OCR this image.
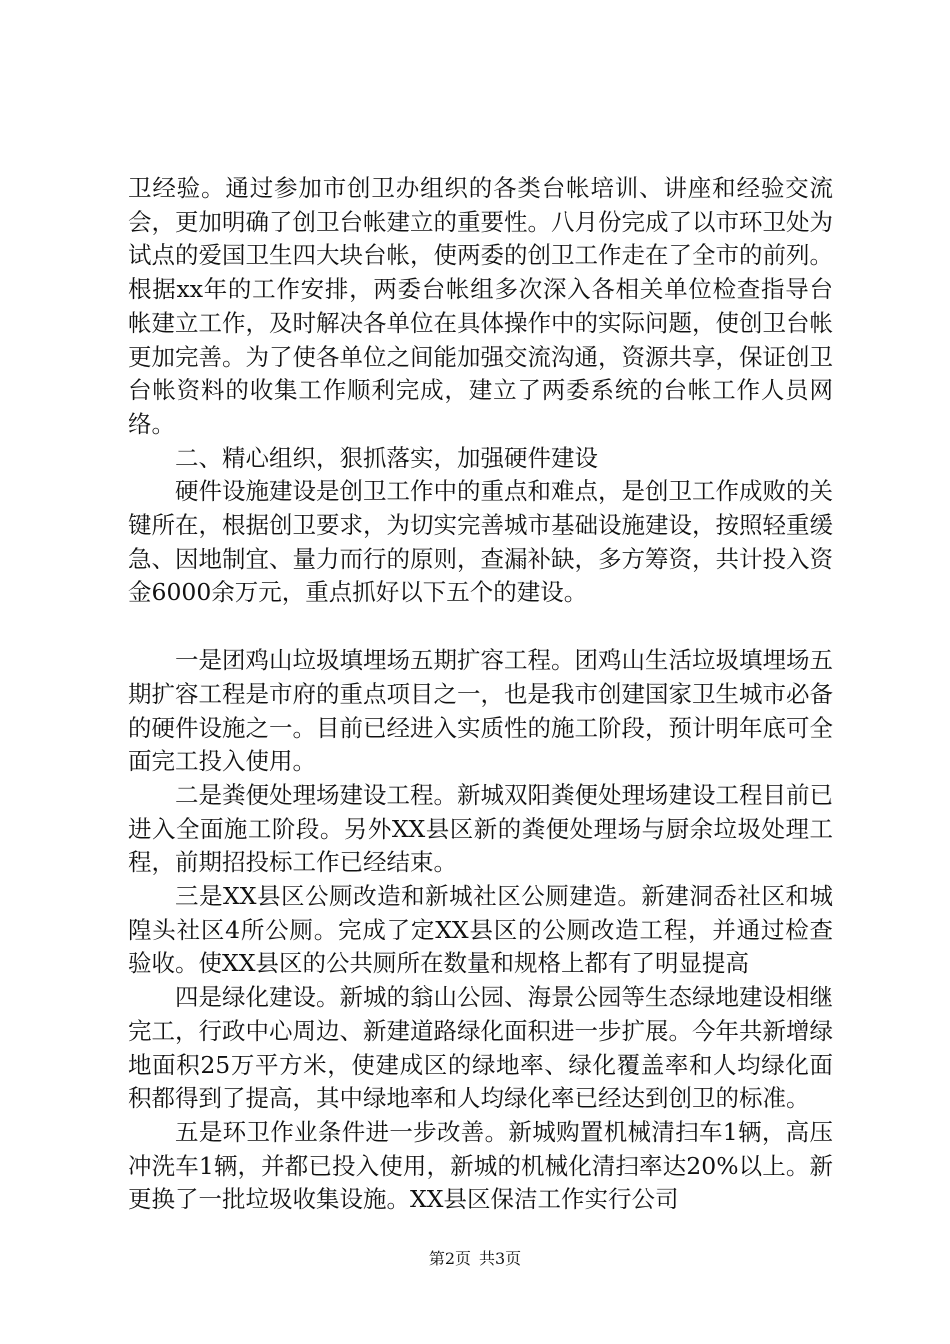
卫经验。通过参加市创卫办组织的各类台帐培训、讲座和经验交流会，更加明确了创卫台帐建立的重要性。八月份完成了以市环卫处为试点的爱国卫生四大块台帐，使两委的创卫工作走在了全市的前列。根据xx年的工作安排，两委台帐组多次深入各相关单位检查指导台帐建立工作，及时解决各单位在具体操作中的实际问题，使创卫台帐更加完善。为了使各单位之间能加强交流沟通，资源共享，保证创卫台帐资料的收集工作顺利完成，建立了两委系统的台帐工作人员网络。

二、精心组织，狠抓落实，加强硬件建设

硬件设施建设是创卫工作中的重点和难点，是创卫工作成败的关键所在，根据创卫要求，为切实完善城市基础设施建设，按照轻重缓急、因地制宜、量力而行的原则，查漏补缺，多方筹资，共计投入资金6000余万元，重点抓好以下五个的建设。

一是团鸡山垃圾填埋场五期扩容工程。团鸡山生活垃圾填埋场五期扩容工程是市府的重点项目之一，也是我市创建国家卫生城市必备的硬件设施之一。目前已经进入实质性的施工阶段，预计明年底可全面完工投入使用。

二是粪便处理场建设工程。新城双阳粪便处理场建设工程目前已进入全面施工阶段。另外XX县区新的粪便处理场与厨余垃圾处理工程，前期招投标工作已经结束。

三是XX县区公厕改造和新城社区公厕建造。新建洞岙社区和城隍头社区4所公厕。完成了定XX县区的公厕改造工程，并通过检查验收。使XX县区的公共厕所在数量和规格上都有了明显提高

四是绿化建设。新城的翁山公园、海景公园等生态绿地建设相继完工，行政中心周边、新建道路绿化面积进一步扩展。今年共新增绿地面积25万平方米，使建成区的绿地率、绿化覆盖率和人均绿化面积都得到了提高，其中绿地率和人均绿化率已经达到创卫的标准。

五是环卫作业条件进一步改善。新城购置机械清扫车1辆，高压冲洗车1辆，并都已投入使用，新城的机械化清扫率达20%以上。新更换了一批垃圾收集设施。XX县区保洁工作实行公司

第2页 共3页
